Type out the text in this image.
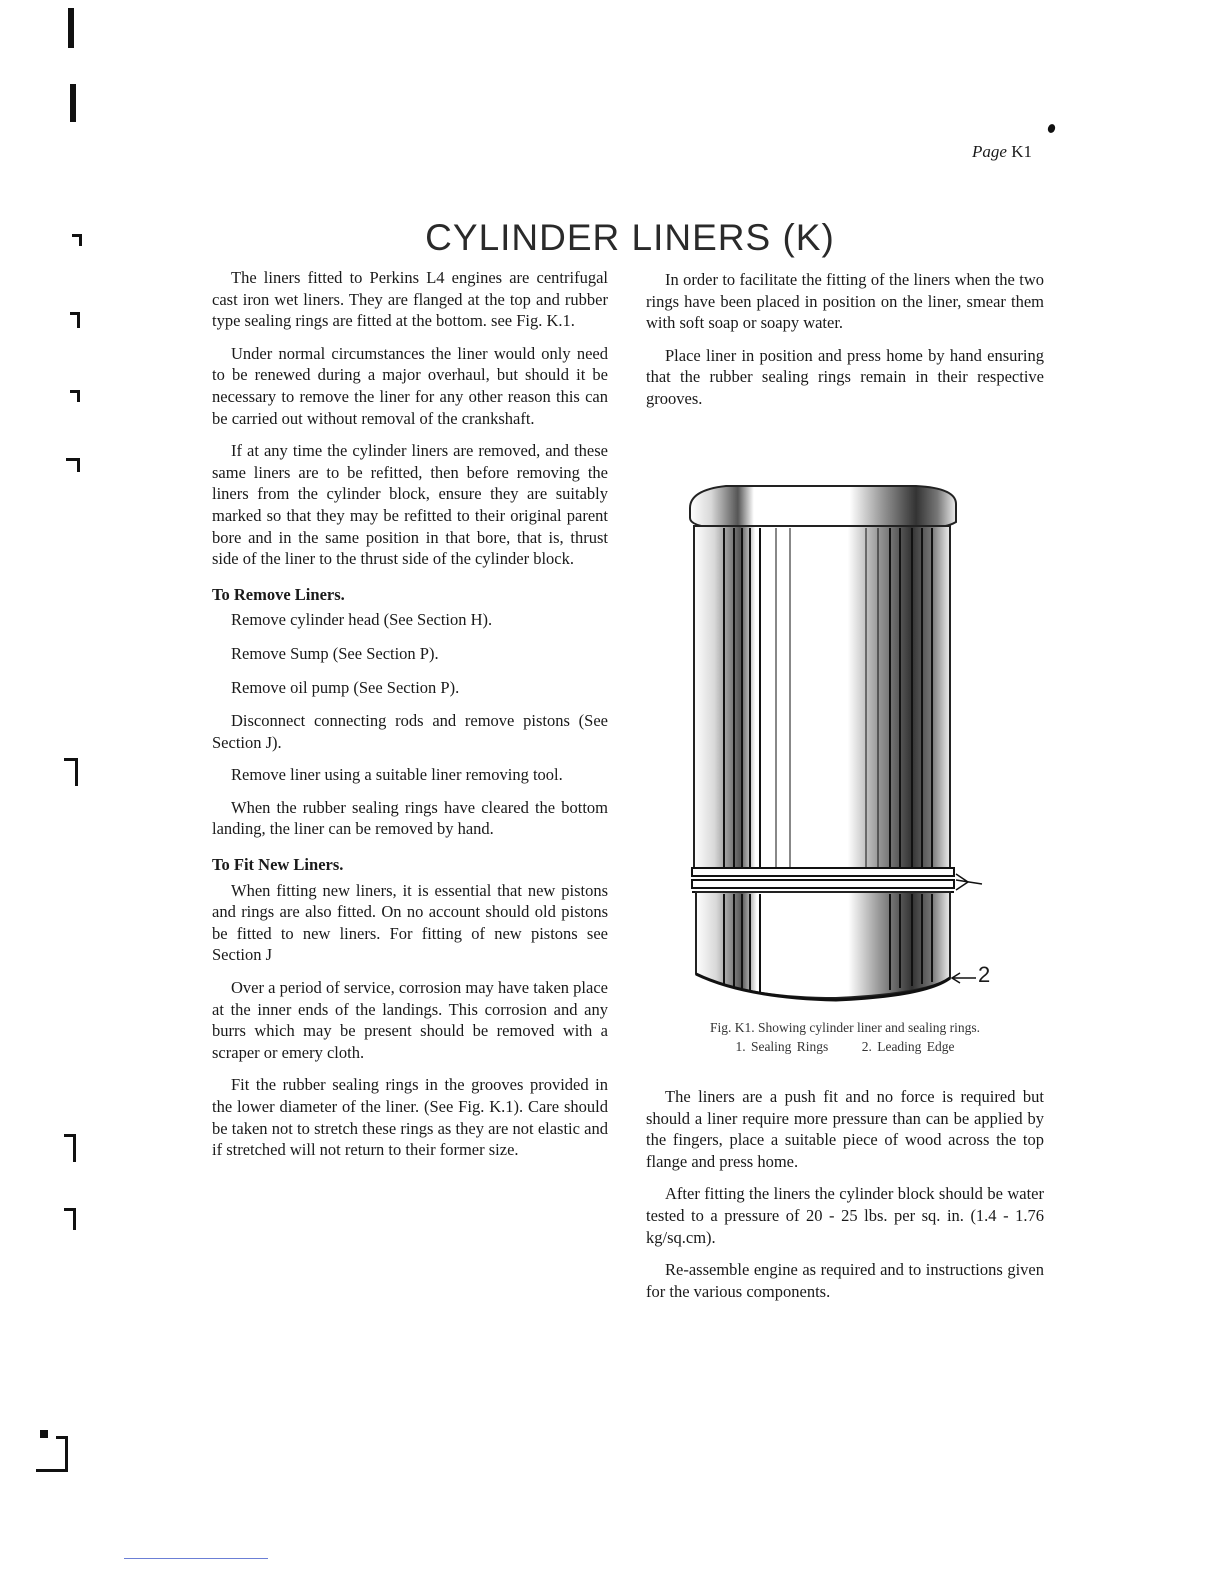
Page K1
CYLINDER LINERS (K)

The liners fitted to Perkins L4 engines are centrifugal cast iron wet liners. They are flanged at the top and rubber type sealing rings are fitted at the bottom. see Fig. K.1.

Under normal circumstances the liner would only need to be renewed during a major overhaul, but should it be necessary to remove the liner for any other reason this can be carried out without removal of the crankshaft.

If at any time the cylinder liners are removed, and these same liners are to be refitted, then before removing the liners from the cylinder block, ensure they are suitably marked so that they may be refitted to their original parent bore and in the same position in that bore, that is, thrust side of the liner to the thrust side of the cylinder block.

To Remove Liners.

Remove cylinder head (See Section H).

Remove Sump (See Section P).

Remove oil pump (See Section P).

Disconnect connecting rods and remove pistons (See Section J).

Remove liner using a suitable liner removing tool.

When the rubber sealing rings have cleared the bottom landing, the liner can be removed by hand.

To Fit New Liners.

When fitting new liners, it is essential that new pistons and rings are also fitted. On no account should old pistons be fitted to new liners. For fitting of new pistons see Section J

Over a period of service, corrosion may have taken place at the inner ends of the landings. This corrosion and any burrs which may be present should be removed with a scraper or emery cloth.

Fit the rubber sealing rings in the grooves provided in the lower diameter of the liner. (See Fig. K.1). Care should be taken not to stretch these rings as they are not elastic and if stretched will not return to their former size.

In order to facilitate the fitting of the liners when the two rings have been placed in position on the liner, smear them with soft soap or soapy water.

Place liner in position and press home by hand ensuring that the rubber sealing rings remain in their respective grooves.

2
Fig. K1. Showing cylinder liner and sealing rings.
1. Sealing Rings 2. Leading Edge

The liners are a push fit and no force is required but should a liner require more pressure than can be applied by the fingers, place a suitable piece of wood across the top flange and press home.

After fitting the liners the cylinder block should be water tested to a pressure of 20 - 25 lbs. per sq. in. (1.4 - 1.76 kg/sq.cm).

Re-assemble engine as required and to instructions given for the various components.
